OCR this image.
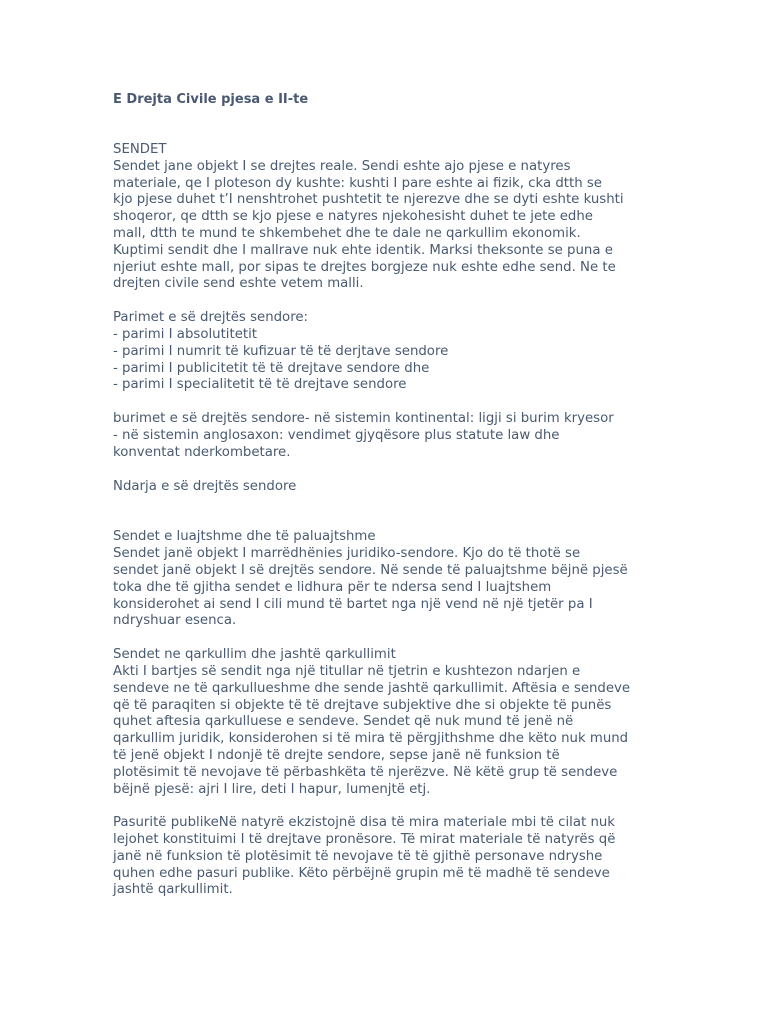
E Drejta Civile pjesa e II-te
SENDET
Sendet jane objekt I se drejtes reale. Sendi eshte ajo pjese e natyres
materiale, qe I ploteson dy kushte: kushti I pare eshte ai fizik, cka dtth se
kjo pjese duhet t’I nenshtrohet pushtetit te njerezve dhe se dyti eshte kushti
shoqeror, qe dtth se kjo pjese e natyres njekohesisht duhet te jete edhe
mall, dtth te mund te shkembehet dhe te dale ne qarkullim ekonomik.
Kuptimi sendit dhe I mallrave nuk ehte identik. Marksi theksonte se puna e
njeriut eshte mall, por sipas te drejtes borgjeze nuk eshte edhe send. Ne te
drejten civile send eshte vetem malli.
Parimet e së drejtës sendore:
- parimi I absolutitetit
- parimi I numrit të kufizuar të të derjtave sendore
- parimi I publicitetit të të drejtave sendore dhe
- parimi I specialitetit të të drejtave sendore
burimet e së drejtës sendore- në sistemin kontinental: ligji si burim kryesor
- në sistemin anglosaxon: vendimet gjyqësore plus statute law dhe
konventat nderkombetare.
Ndarja e së drejtës sendore
Sendet e luajtshme dhe të paluajtshme
Sendet janë objekt I marrëdhënies juridiko-sendore. Kjo do të thotë se
sendet janë objekt I së drejtës sendore. Në sende të paluajtshme bëjnë pjesë
toka dhe të gjitha sendet e lidhura për te ndersa send I luajtshem
konsiderohet ai send I cili mund të bartet nga një vend në një tjetër pa I
ndryshuar esenca.
Sendet ne qarkullim dhe jashtë qarkullimit
Akti I bartjes së sendit nga një titullar në tjetrin e kushtezon ndarjen e
sendeve ne të qarkullueshme dhe sende jashtë qarkullimit. Aftësia e sendeve
që të paraqiten si objekte të të drejtave subjektive dhe si objekte të punës
quhet aftesia qarkulluese e sendeve. Sendet që nuk mund të jenë në
qarkullim juridik, konsiderohen si të mira të përgjithshme dhe këto nuk mund
të jenë objekt I ndonjë të drejte sendore, sepse janë në funksion të
plotësimit të nevojave të përbashkëta të njerëzve. Në këtë grup të sendeve
bëjnë pjesë: ajri I lire, deti I hapur, lumenjtë etj.
Pasuritë publikeNë natyrë ekzistojnë disa të mira materiale mbi të cilat nuk
lejohet konstituimi I të drejtave pronësore. Të mirat materiale të natyrës që
janë në funksion të plotësimit të nevojave të të gjithë personave ndryshe
quhen edhe pasuri publike. Këto përbëjnë grupin më të madhë të sendeve
jashtë qarkullimit.
